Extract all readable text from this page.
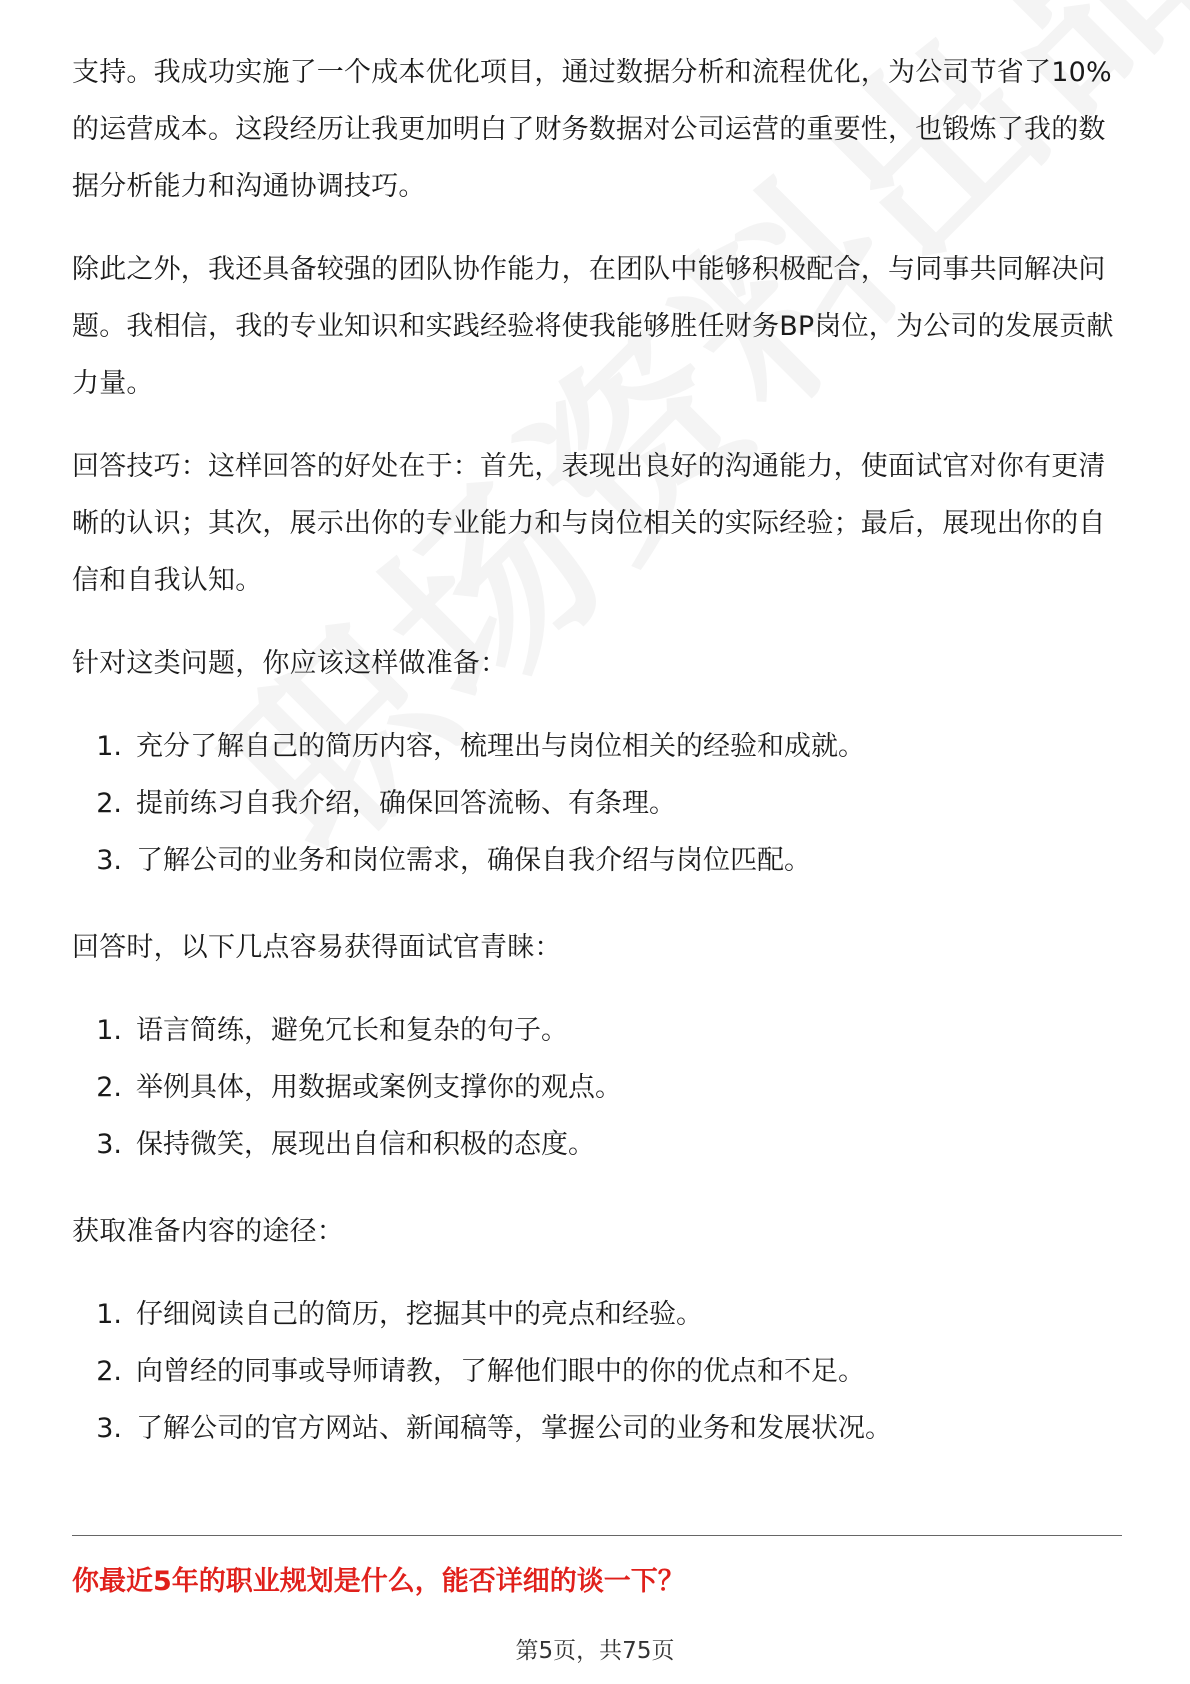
支持。我成功实施了一个成本优化项目，通过数据分析和流程优化，为公司节省了10%的运营成本。这段经历让我更加明白了财务数据对公司运营的重要性，也锻炼了我的数据分析能力和沟通协调技巧。

除此之外，我还具备较强的团队协作能力，在团队中能够积极配合，与同事共同解决问题。我相信，我的专业知识和实践经验将使我能够胜任财务BP岗位，为公司的发展贡献力量。

回答技巧：这样回答的好处在于：首先，表现出良好的沟通能力，使面试官对你有更清晰的认识；其次，展示出你的专业能力和与岗位相关的实际经验；最后，展现出你的自信和自我认知。

针对这类问题，你应该这样做准备：

1. 充分了解自己的简历内容，梳理出与岗位相关的经验和成就。
2. 提前练习自我介绍，确保回答流畅、有条理。
3. 了解公司的业务和岗位需求，确保自我介绍与岗位匹配。

回答时，以下几点容易获得面试官青睐：

1. 语言简练，避免冗长和复杂的句子。
2. 举例具体，用数据或案例支撑你的观点。
3. 保持微笑，展现出自信和积极的态度。

获取准备内容的途径：

1. 仔细阅读自己的简历，挖掘其中的亮点和经验。
2. 向曾经的同事或导师请教，了解他们眼中的你的优点和不足。
3. 了解公司的官方网站、新闻稿等，掌握公司的业务和发展状况。
你最近5年的职业规划是什么，能否详细的谈一下？
第5页，共75页
